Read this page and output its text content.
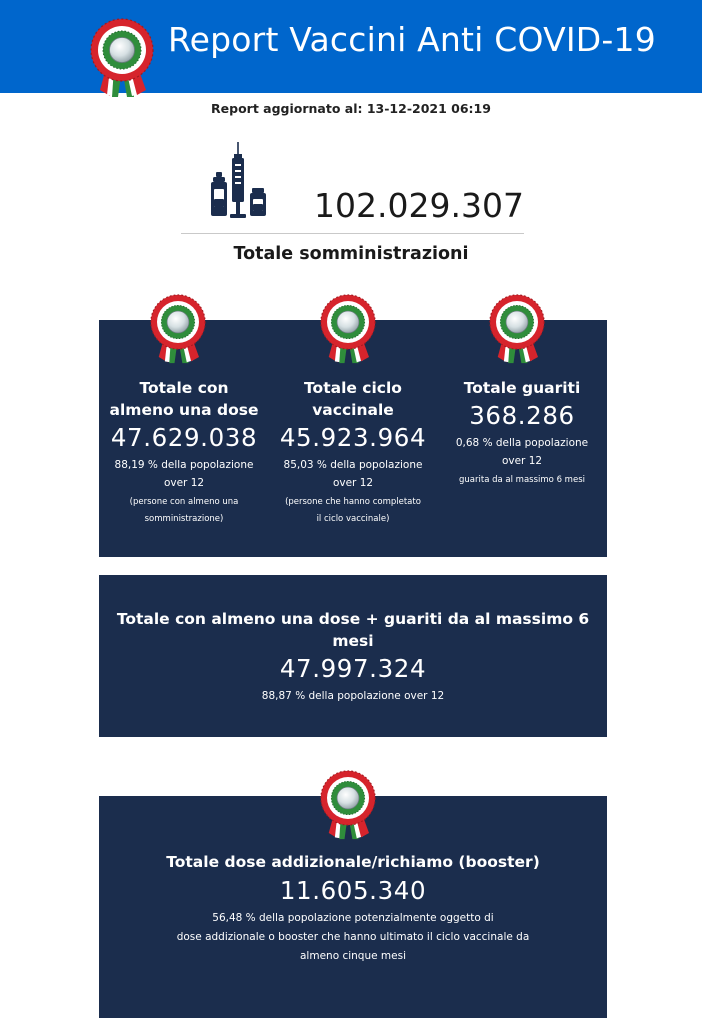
Report Vaccini Anti COVID-19
Report aggiornato al: 13-12-2021 06:19
102.029.307
Totale somministrazioni
Totale con
almeno una dose
47.629.038
88,19 % della popolazione
over 12
(persone con almeno una
somministrazione)
Totale ciclo
vaccinale
45.923.964
85,03 % della popolazione
over 12
(persone che hanno completato
il ciclo vaccinale)
Totale guariti
368.286
0,68 % della popolazione
over 12
guarita da al massimo 6 mesi
Totale con almeno una dose + guariti da al massimo 6 mesi
47.997.324
88,87 % della popolazione over 12
Totale dose addizionale/richiamo (booster)
11.605.340
56,48 % della popolazione potenzialmente oggetto di
dose addizionale o booster che hanno ultimato il ciclo vaccinale da
almeno cinque mesi
